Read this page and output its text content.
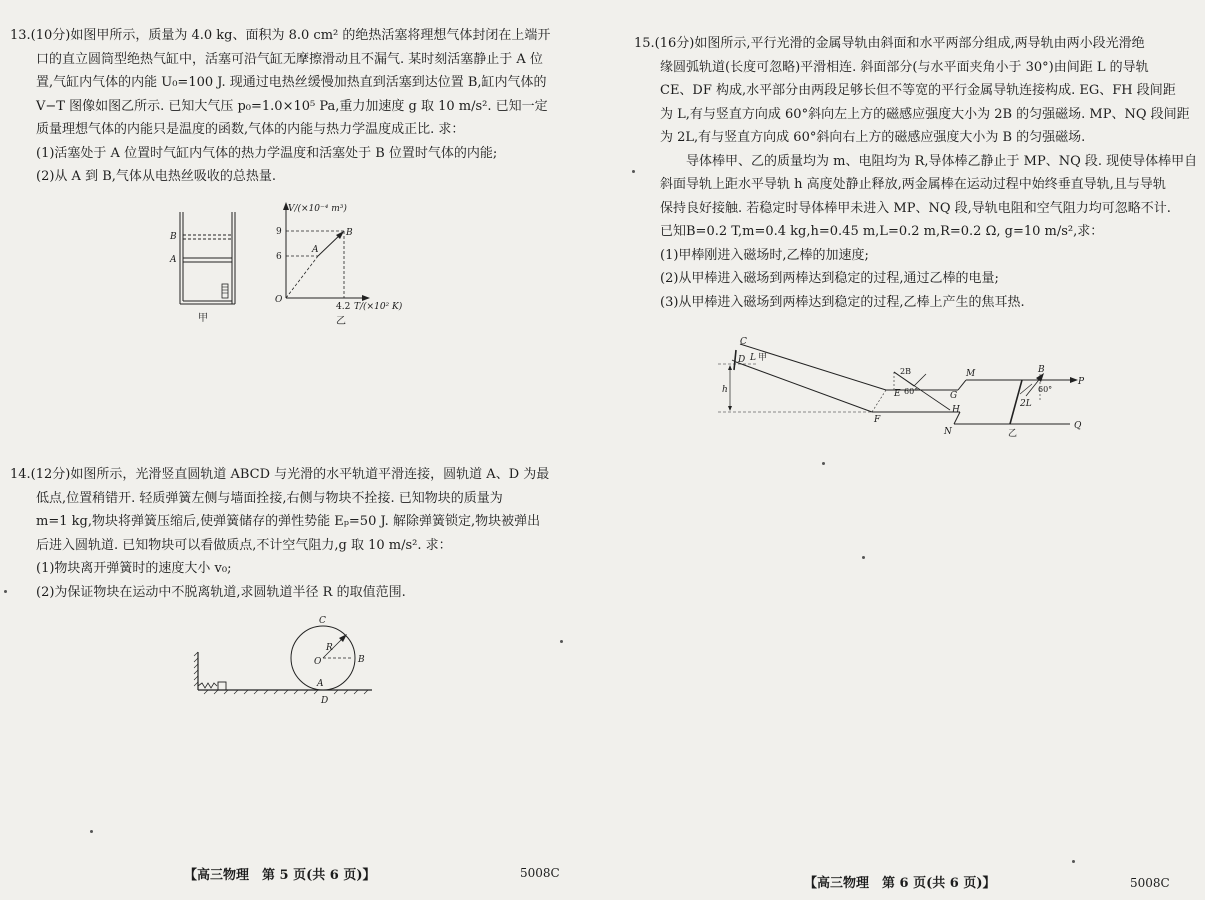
13.(10分)如图甲所示，质量为 4.0 kg、面积为 8.0 cm² 的绝热活塞将理想气体封闭在上端开

口的直立圆筒型绝热气缸中，活塞可沿气缸无摩擦滑动且不漏气. 某时刻活塞静止于 A 位

置,气缸内气体的内能 U₀=100 J. 现通过电热丝缓慢加热直到活塞到达位置 B,缸内气体的

V−T 图像如图乙所示. 已知大气压 p₀=1.0×10⁵ Pa,重力加速度 g 取 10 m/s². 已知一定

质量理想气体的内能只是温度的函数,气体的内能与热力学温度成正比. 求：

(1)活塞处于 A 位置时气缸内气体的热力学温度和活塞处于 B 位置时气体的内能;

(2)从 A 到 B,气体从电热丝吸收的总热量.

B
A
甲
V/(×10⁻⁴ m³)
9
6
O
A
B
4.2 T/(×10² K)
乙

14.(12分)如图所示，光滑竖直圆轨道 ABCD 与光滑的水平轨道平滑连接，圆轨道 A、D 为最

低点,位置稍错开. 轻质弹簧左侧与墙面拴接,右侧与物块不拴接. 已知物块的质量为

m=1 kg,物块将弹簧压缩后,使弹簧储存的弹性势能 Eₚ=50 J. 解除弹簧锁定,物块被弹出

后进入圆轨道. 已知物块可以看做质点,不计空气阻力,g 取 10 m/s². 求：

(1)物块离开弹簧时的速度大小 v₀;

(2)为保证物块在运动中不脱离轨道,求圆轨道半径 R 的取值范围.

C
R
O	B
A
D
【高三物理　第 5 页(共 6 页)】	5008C

15.(16分)如图所示,平行光滑的金属导轨由斜面和水平两部分组成,两导轨由两小段光滑绝

缘圆弧轨道(长度可忽略)平滑相连. 斜面部分(与水平面夹角小于 30°)由间距 L 的导轨

CE、DF 构成,水平部分由两段足够长但不等宽的平行金属导轨连接构成. EG、FH 段间距

为 L,有与竖直方向成 60°斜向左上方的磁感应强度大小为 2B 的匀强磁场. MP、NQ 段间距

为 2L,有与竖直方向成 60°斜向右上方的磁感应强度大小为 B 的匀强磁场.

导体棒甲、乙的质量均为 m、电阻均为 R,导体棒乙静止于 MP、NQ 段. 现使导体棒甲自

斜面导轨上距水平导轨 h 高度处静止释放,两金属棒在运动过程中始终垂直导轨,且与导轨

保持良好接触. 若稳定时导体棒甲未进入 MP、NQ 段,导轨电阻和空气阻力均可忽略不计.

已知B=0.2 T,m=0.4 kg,h=0.45 m,L=0.2 m,R=0.2 Ω, g=10 m/s²,求：

(1)甲棒刚进入磁场时,乙棒的加速度;

(2)从甲棒进入磁场到两棒达到稳定的过程,通过乙棒的电量;

(3)从甲棒进入磁场到两棒达到稳定的过程,乙棒上产生的焦耳热.

C
D L 甲
h
2B
60°
E
F
G
H
M
N
B
60°
2L
乙
P
Q
【高三物理　第 6 页(共 6 页)】	5008C
